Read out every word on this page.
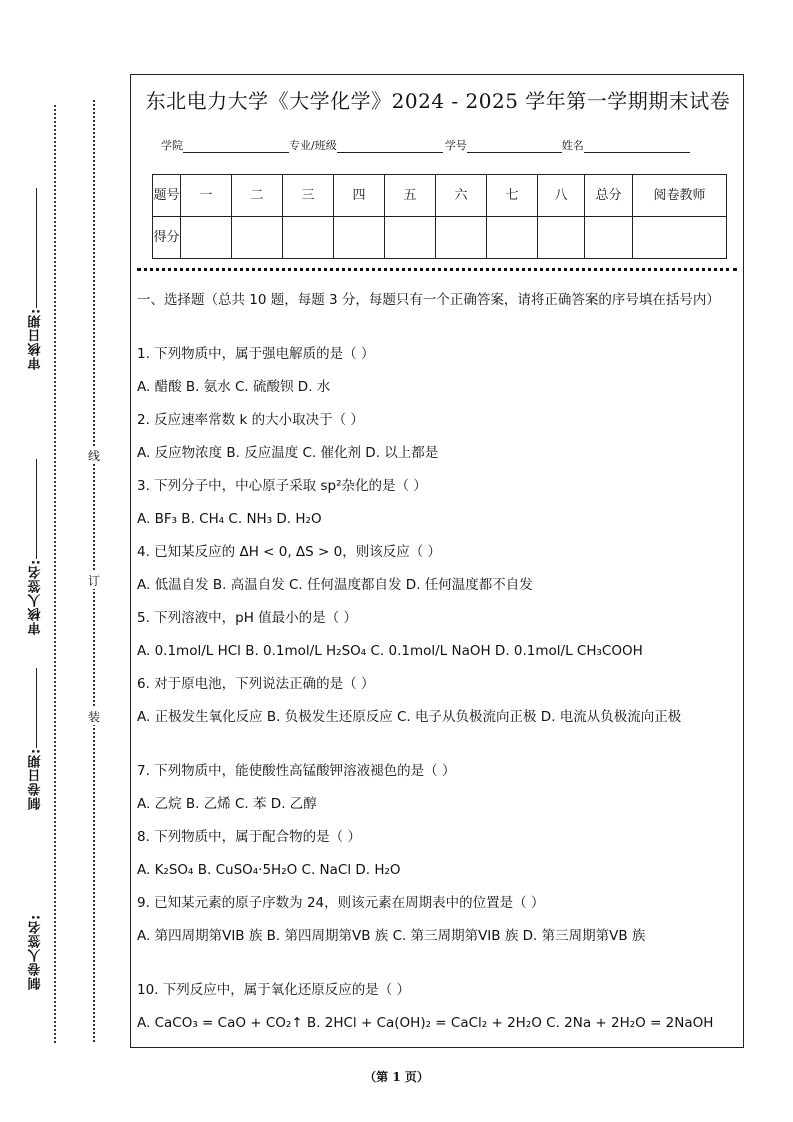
审核日期:
审核人签名:
制卷日期:
制卷人签名:
线
订
装
东北电力大学《大学化学》2024 - 2025 学年第一学期期末试卷
学院	专业/班级	学号	姓名
题号	一	二	三	四	五	六	七	八	总分	阅卷教师
得分										
一、选择题（总共 10 题，每题 3 分，每题只有一个正确答案，请将正确答案的序号填在括号内）
1. 下列物质中，属于强电解质的是（ ）
A. 醋酸 B. 氨水 C. 硫酸钡 D. 水
2. 反应速率常数 k 的大小取决于（ ）
A. 反应物浓度 B. 反应温度 C. 催化剂 D. 以上都是
3. 下列分子中，中心原子采取 sp²杂化的是（ ）
A. BF₃ B. CH₄ C. NH₃ D. H₂O
4. 已知某反应的 ΔH < 0, ΔS > 0，则该反应（ ）
A. 低温自发 B. 高温自发 C. 任何温度都自发 D. 任何温度都不自发
5. 下列溶液中，pH 值最小的是（ ）
A. 0.1mol/L HCl B. 0.1mol/L H₂SO₄ C. 0.1mol/L NaOH D. 0.1mol/L CH₃COOH
6. 对于原电池，下列说法正确的是（ ）
A. 正极发生氧化反应 B. 负极发生还原反应 C. 电子从负极流向正极 D. 电流从负极流向正极
7. 下列物质中，能使酸性高锰酸钾溶液褪色的是（ ）
A. 乙烷 B. 乙烯 C. 苯 D. 乙醇
8. 下列物质中，属于配合物的是（ ）
A. K₂SO₄ B. CuSO₄·5H₂O C. NaCl D. H₂O
9. 已知某元素的原子序数为 24，则该元素在周期表中的位置是（ ）
A. 第四周期第VIB 族 B. 第四周期第VB 族 C. 第三周期第VIB 族 D. 第三周期第VB 族
10. 下列反应中，属于氧化还原反应的是（ ）
A. CaCO₃ = CaO + CO₂↑ B. 2HCl + Ca(OH)₂ = CaCl₂ + 2H₂O C. 2Na + 2H₂O = 2NaOH
（第 1 页）
